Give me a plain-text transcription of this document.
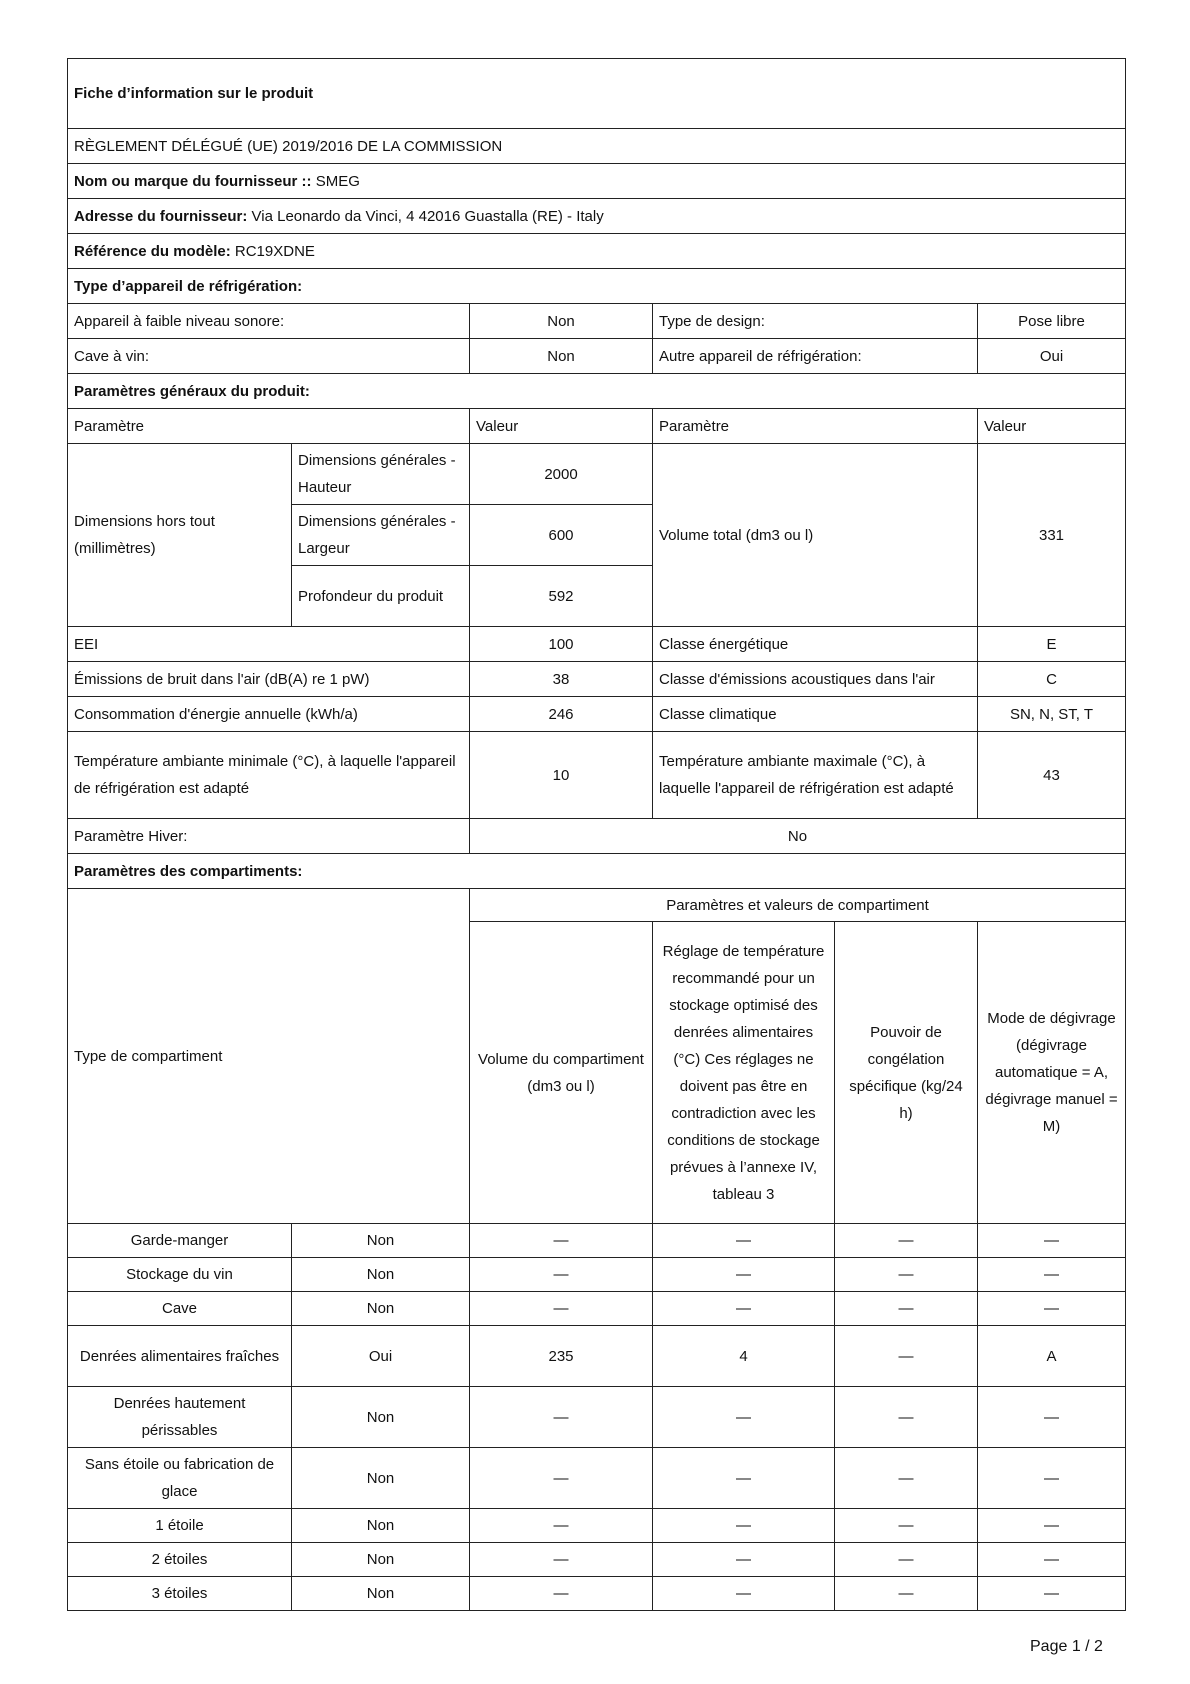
Fiche d’information sur le produit					
RÈGLEMENT DÉLÉGUÉ (UE) 2019/2016 DE LA COMMISSION					
Nom ou marque du fournisseur :: SMEG					
Adresse du fournisseur: Via Leonardo da Vinci, 4 42016 Guastalla (RE) - Italy					
Référence du modèle: RC19XDNE					
Type d’appareil de réfrigération:					
Appareil à faible niveau sonore:		Non	Type de design:		Pose libre
Cave à vin:		Non	Autre appareil de réfrigération:		Oui
Paramètres généraux du produit:					
Paramètre		Valeur	Paramètre		Valeur
Dimensions hors tout (millimètres)	Dimensions générales - Hauteur	2000	Volume total (dm3 ou l)		331
	Dimensions générales - Largeur	600			
	Profondeur du produit	592			
EEI		100	Classe énergétique		E
Émissions de bruit dans l'air (dB(A) re 1 pW)		38	Classe d'émissions acoustiques dans l'air		C
Consommation d'énergie annuelle (kWh/a)		246	Classe climatique		SN, N, ST, T
Température ambiante minimale (°C), à laquelle l'appareil de réfrigération est adapté		10	Température ambiante maximale (°C), à laquelle l'appareil de réfrigération est adapté		43
Paramètre Hiver:		No			
Paramètres des compartiments:					
Type de compartiment		Paramètres et valeurs de compartiment			
		Volume du compartiment (dm3 ou l)	Réglage de température recommandé pour un stockage optimisé des denrées alimentaires (°C) Ces réglages ne doivent pas être en contradiction avec les conditions de stockage prévues à l’annexe IV, tableau 3	Pouvoir de congélation spécifique (kg/24 h)	Mode de dégivrage (dégivrage automatique = A, dégivrage manuel = M)
Garde-manger	Non	—	—	—	—
Stockage du vin	Non	—	—	—	—
Cave	Non	—	—	—	—
Denrées alimentaires fraîches	Oui	235	4	—	A
Denrées hautement périssables	Non	—	—	—	—
Sans étoile ou fabrication de glace	Non	—	—	—	—
1 étoile	Non	—	—	—	—
2 étoiles	Non	—	—	—	—
3 étoiles	Non	—	—	—	—
Page 1 / 2
